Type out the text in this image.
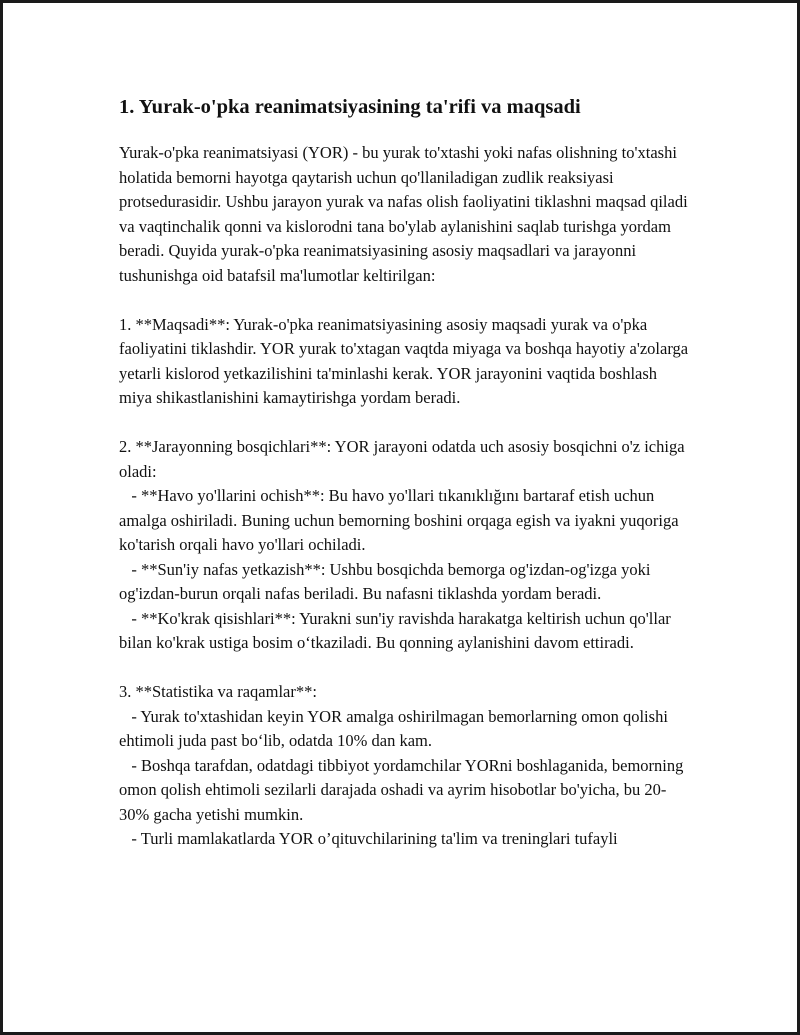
1. Yurak-o'pka reanimatsiyasining ta'rifi va maqsadi

Yurak-o'pka reanimatsiyasi (YOR) - bu yurak to'xtashi yoki nafas olishning to'xtashi holatida bemorni hayotga qaytarish uchun qo'llaniladigan zudlik reaksiyasi protsedurasidir. Ushbu jarayon yurak va nafas olish faoliyatini tiklashni maqsad qiladi va vaqtinchalik qonni va kislorodni tana bo'ylab aylanishini saqlab turishga yordam beradi. Quyida yurak-o'pka reanimatsiyasining asosiy maqsadlari va jarayonni tushunishga oid batafsil ma'lumotlar keltirilgan:

1. **Maqsadi**: Yurak-o'pka reanimatsiyasining asosiy maqsadi yurak va o'pka faoliyatini tiklashdir. YOR yurak to'xtagan vaqtda miyaga va boshqa hayotiy a'zolarga yetarli kislorod yetkazilishini ta'minlashi kerak. YOR jarayonini vaqtida boshlash miya shikastlanishini kamaytirishga yordam beradi.

2. **Jarayonning bosqichlari**: YOR jarayoni odatda uch asosiy bosqichni o'z ichiga oladi:
- **Havo yo'llarini ochish**: Bu havo yo'llari tıkanıklığını bartaraf etish uchun amalga oshiriladi. Buning uchun bemorning boshini orqaga egish va iyakni yuqoriga ko'tarish orqali havo yo'llari ochiladi.
- **Sun'iy nafas yetkazish**: Ushbu bosqichda bemorga og'izdan-og'izga yoki og'izdan-burun orqali nafas beriladi. Bu nafasni tiklashda yordam beradi.
- **Ko'krak qisishlari**: Yurakni sun'iy ravishda harakatga keltirish uchun qo'llar bilan ko'krak ustiga bosim o‘tkaziladi. Bu qonning aylanishini davom ettiradi.

3. **Statistika va raqamlar**:
- Yurak to'xtashidan keyin YOR amalga oshirilmagan bemorlarning omon qolishi ehtimoli juda past bo‘lib, odatda 10% dan kam.
- Boshqa tarafdan, odatdagi tibbiyot yordamchilar YORni boshlaganida, bemorning omon qolish ehtimoli sezilarli darajada oshadi va ayrim hisobotlar bo'yicha, bu 20-30% gacha yetishi mumkin.
- Turli mamlakatlarda YOR o’qituvchilarining ta'lim va treninglari tufayli
